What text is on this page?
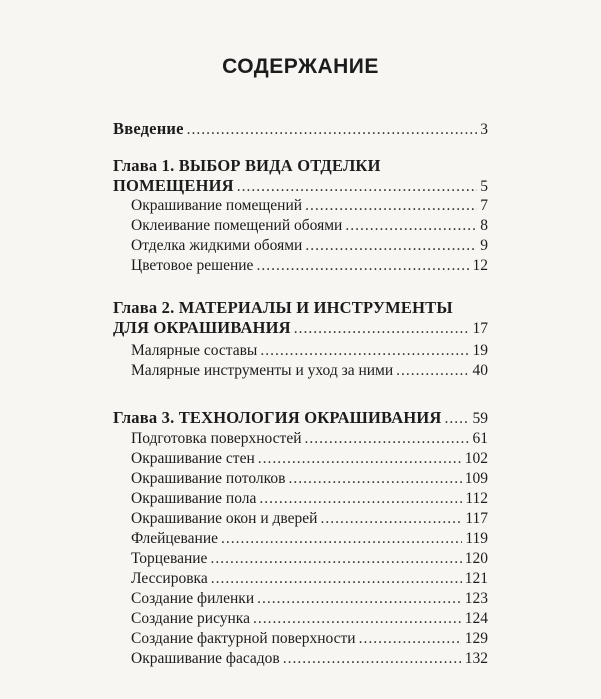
СОДЕРЖАНИЕ
Введение .....	3
Глава 1. ВЫБОР ВИДА ОТДЕЛКИ
ПОМЕЩЕНИЯ .....	5
Окрашивание помещений .....	7
Оклеивание помещений обоями .....	8
Отделка жидкими обоями .....	9
Цветовое решение .....	12
Глава 2. МАТЕРИАЛЫ И ИНСТРУМЕНТЫ
ДЛЯ ОКРАШИВАНИЯ .....	17
Малярные составы .....	19
Малярные инструменты и уход за ними .....	40
Глава 3. ТЕХНОЛОГИЯ ОКРАШИВАНИЯ ..... 59
Подготовка поверхностей .....	61
Окрашивание стен .....	102
Окрашивание потолков .....	109
Окрашивание пола .....	112
Окрашивание окон и дверей .....	117
Флейцевание .....	119
Торцевание .....	120
Лессировка .....	121
Создание филенки .....	123
Создание рисунка .....	124
Создание фактурной поверхности .....	129
Окрашивание фасадов .....	132
